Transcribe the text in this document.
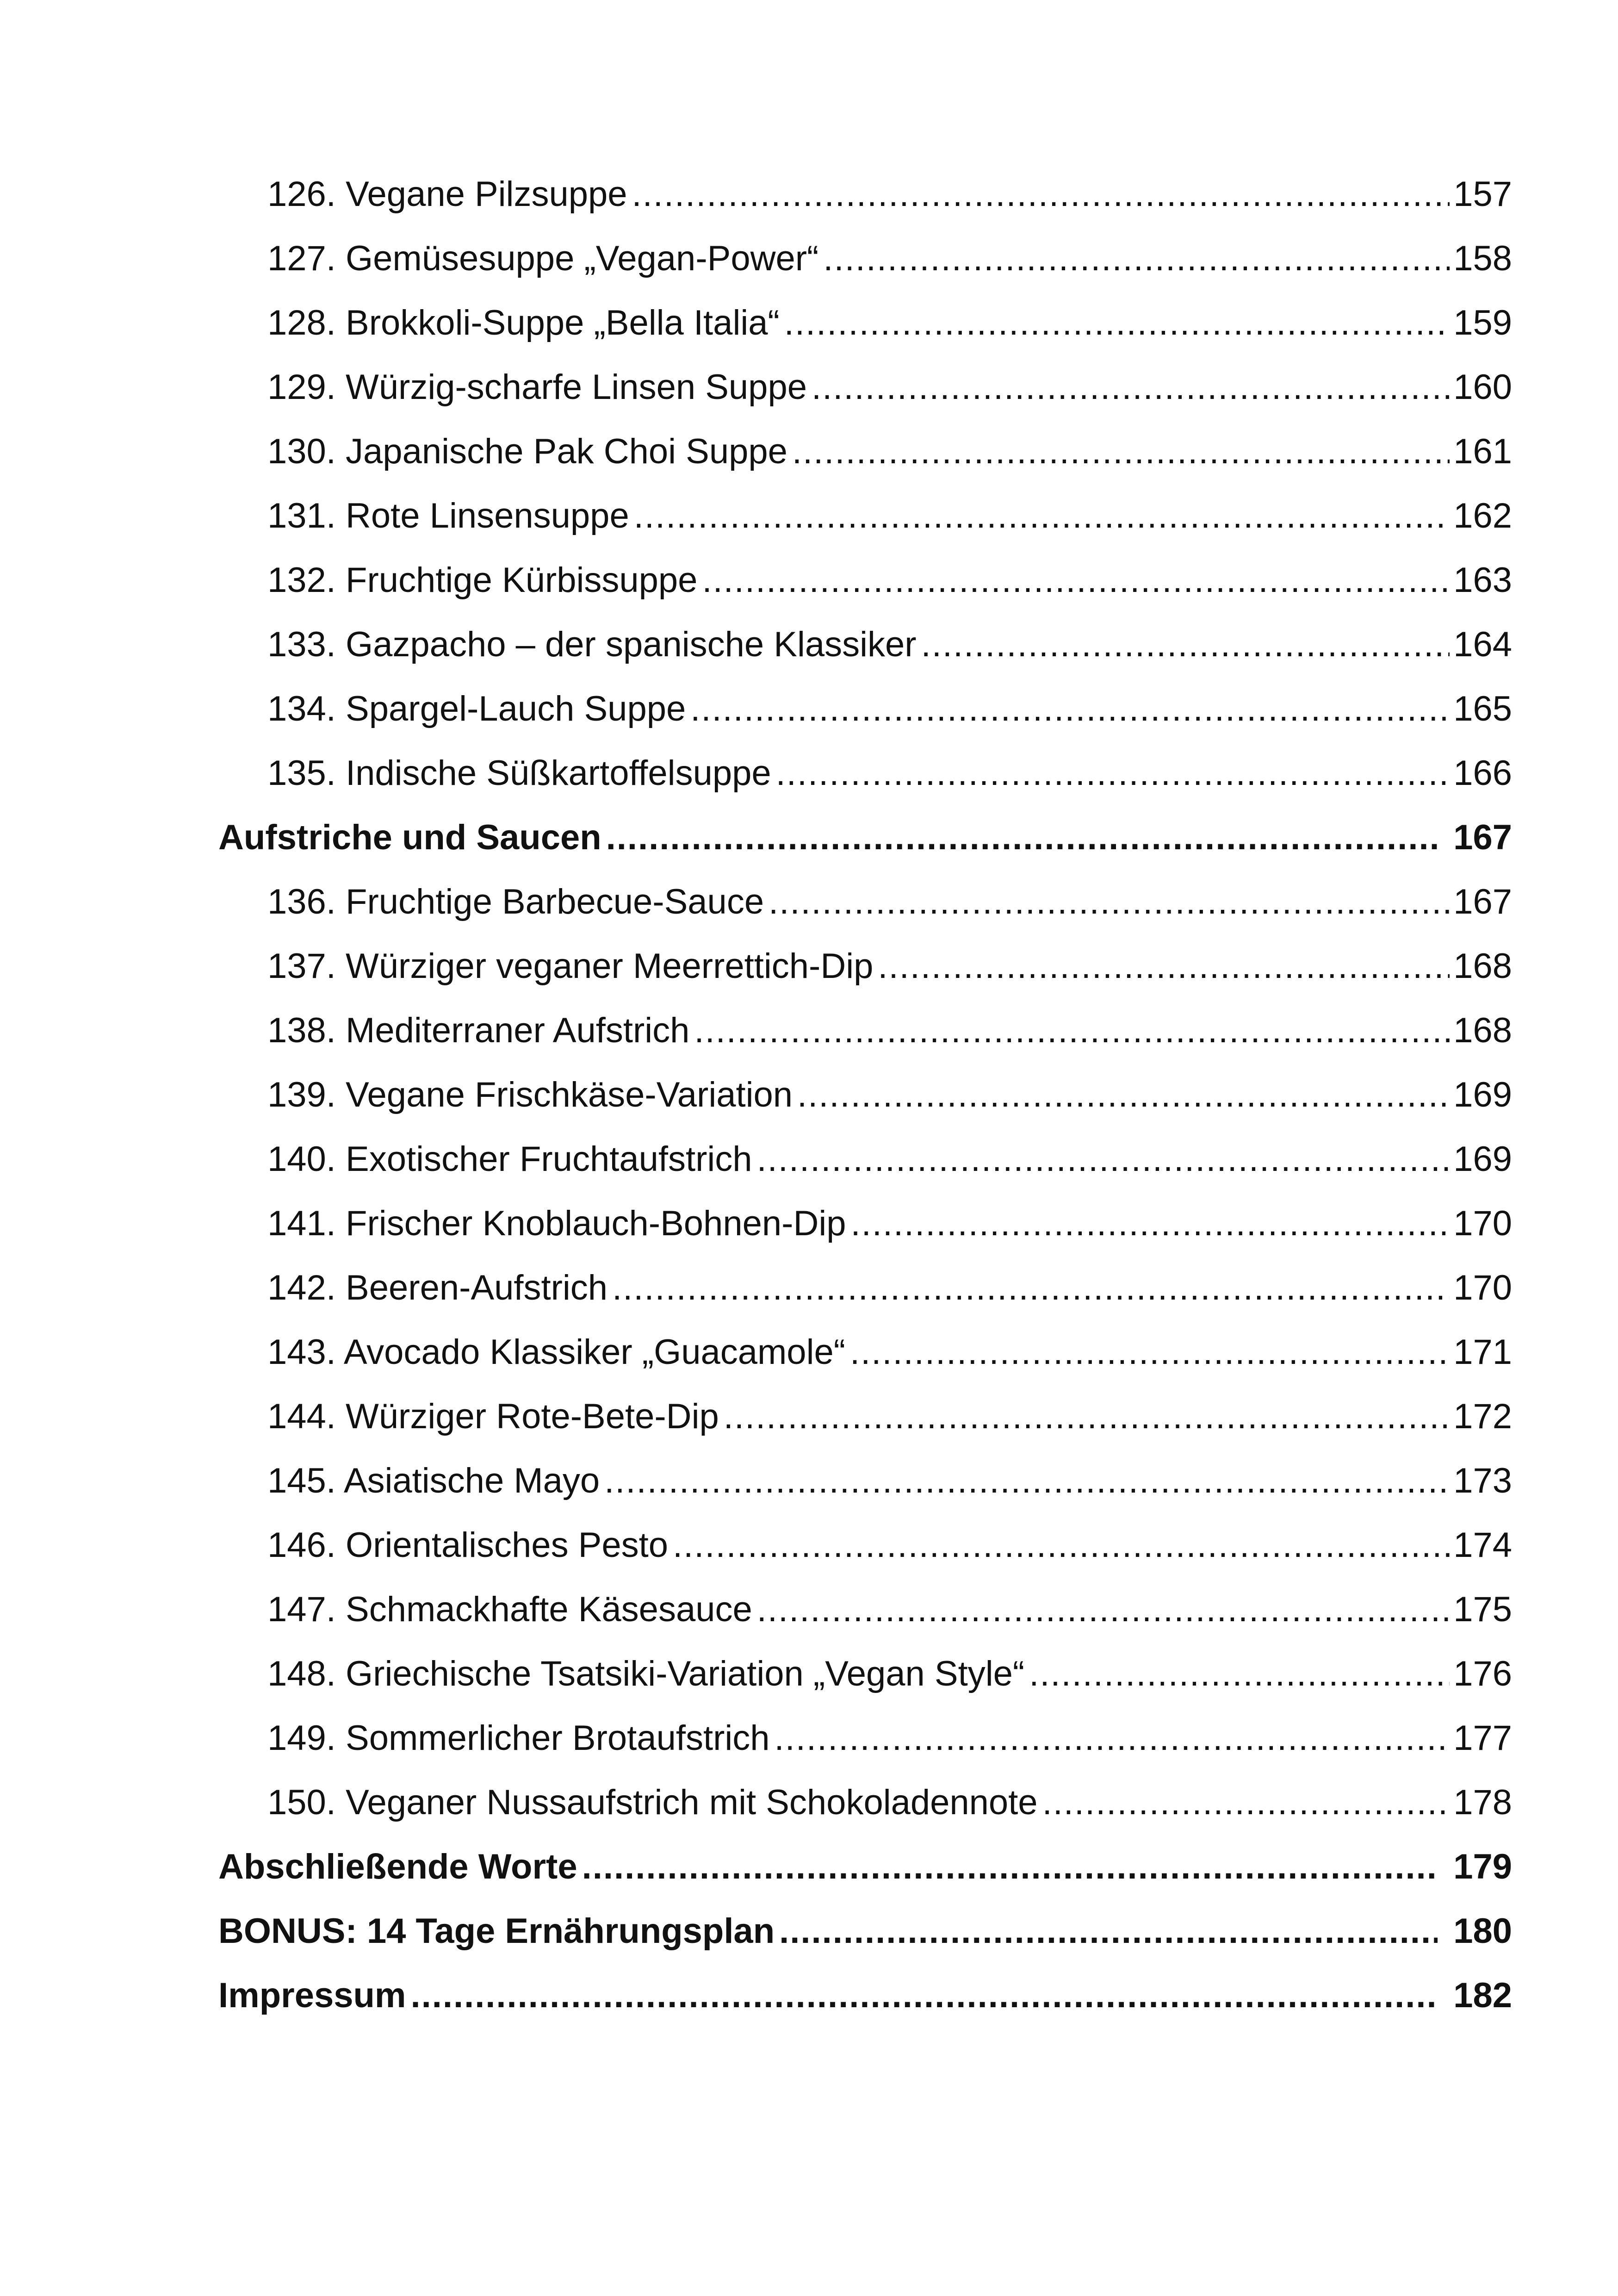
126. Vegane Pilzsuppe .....	157
127. Gemüsesuppe „Vegan-Power“ .....	158
128. Brokkoli-Suppe „Bella Italia“ .....	159
129. Würzig-scharfe Linsen Suppe .....	160
130. Japanische Pak Choi Suppe .....	161
131. Rote Linsensuppe .....	162
132. Fruchtige Kürbissuppe .....	163
133. Gazpacho – der spanische Klassiker .....	164
134. Spargel-Lauch Suppe .....	165
135. Indische Süßkartoffelsuppe .....	166
Aufstriche und Saucen .....	167
136. Fruchtige Barbecue-Sauce .....	167
137. Würziger veganer Meerrettich-Dip .....	168
138. Mediterraner Aufstrich .....	168
139. Vegane Frischkäse-Variation .....	169
140. Exotischer Fruchtaufstrich .....	169
141. Frischer Knoblauch-Bohnen-Dip .....	170
142. Beeren-Aufstrich .....	170
143. Avocado Klassiker „Guacamole“ .....	171
144. Würziger Rote-Bete-Dip .....	172
145. Asiatische Mayo .....	173
146. Orientalisches Pesto .....	174
147. Schmackhafte Käsesauce .....	175
148. Griechische Tsatsiki-Variation „Vegan Style“ .....	176
149. Sommerlicher Brotaufstrich .....	177
150. Veganer Nussaufstrich mit Schokoladennote .....	178
Abschließende Worte .....	179
BONUS: 14 Tage Ernährungsplan .....	180
Impressum .....	182
